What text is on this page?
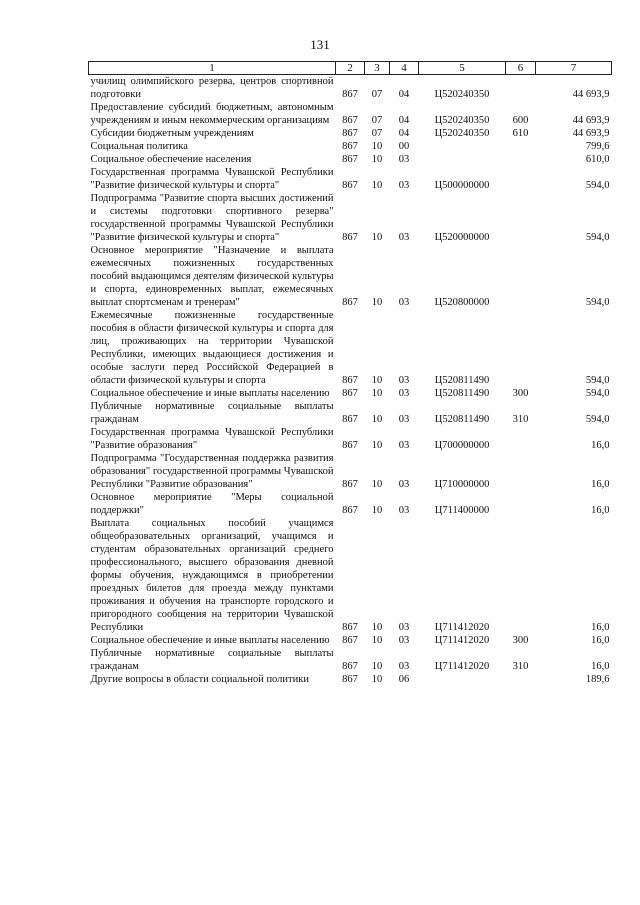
131
1	2	3	4	5	6	7
училищ олимпийского резерва, центров спортивной подготовки	867	07	04	Ц520240350		44 693,9
Предоставление субсидий бюджетным, автономным учреждениям и иным некоммерческим организациям	867	07	04	Ц520240350	600	44 693,9
Субсидии бюджетным учреждениям	867	07	04	Ц520240350	610	44 693,9
Социальная политика	867	10	00			799,6
Социальное обеспечение населения	867	10	03			610,0
Государственная программа Чувашской Республики "Развитие физической культуры и спорта"	867	10	03	Ц500000000		594,0
Подпрограмма "Развитие спорта высших достижений и системы подготовки спортивного резерва" государственной программы Чувашской Республики "Развитие физической культуры и спорта"	867	10	03	Ц520000000		594,0
Основное мероприятие "Назначение и выплата ежемесячных пожизненных государственных пособий выдающимся деятелям физической культуры и спорта, единовременных выплат, ежемесячных выплат спортсменам и тренерам"	867	10	03	Ц520800000		594,0
Ежемесячные пожизненные государственные пособия в области физической культуры и спорта для лиц, проживающих на территории Чувашской Республики, имеющих выдающиеся достижения и особые заслуги перед Российской Федерацией в области физической культуры и спорта	867	10	03	Ц520811490		594,0
Социальное обеспечение и иные выплаты населению	867	10	03	Ц520811490	300	594,0
Публичные нормативные социальные выплаты гражданам	867	10	03	Ц520811490	310	594,0
Государственная программа Чувашской Республики "Развитие образования"	867	10	03	Ц700000000		16,0
Подпрограмма "Государственная поддержка развития образования" государственной программы Чувашской Республики "Развитие образования"	867	10	03	Ц710000000		16,0
Основное мероприятие "Меры социальной поддержки"	867	10	03	Ц711400000		16,0
Выплата социальных пособий учащимся общеобразовательных организаций, учащимся и студентам образовательных организаций среднего профессионального, высшего образования дневной формы обучения, нуждающимся в приобретении проездных билетов для проезда между пунктами проживания и обучения на транспорте городского и пригородного сообщения на территории Чувашской Республики	867	10	03	Ц711412020		16,0
Социальное обеспечение и иные выплаты населению	867	10	03	Ц711412020	300	16,0
Публичные нормативные социальные выплаты гражданам	867	10	03	Ц711412020	310	16,0
Другие вопросы в области социальной политики	867	10	06			189,6
